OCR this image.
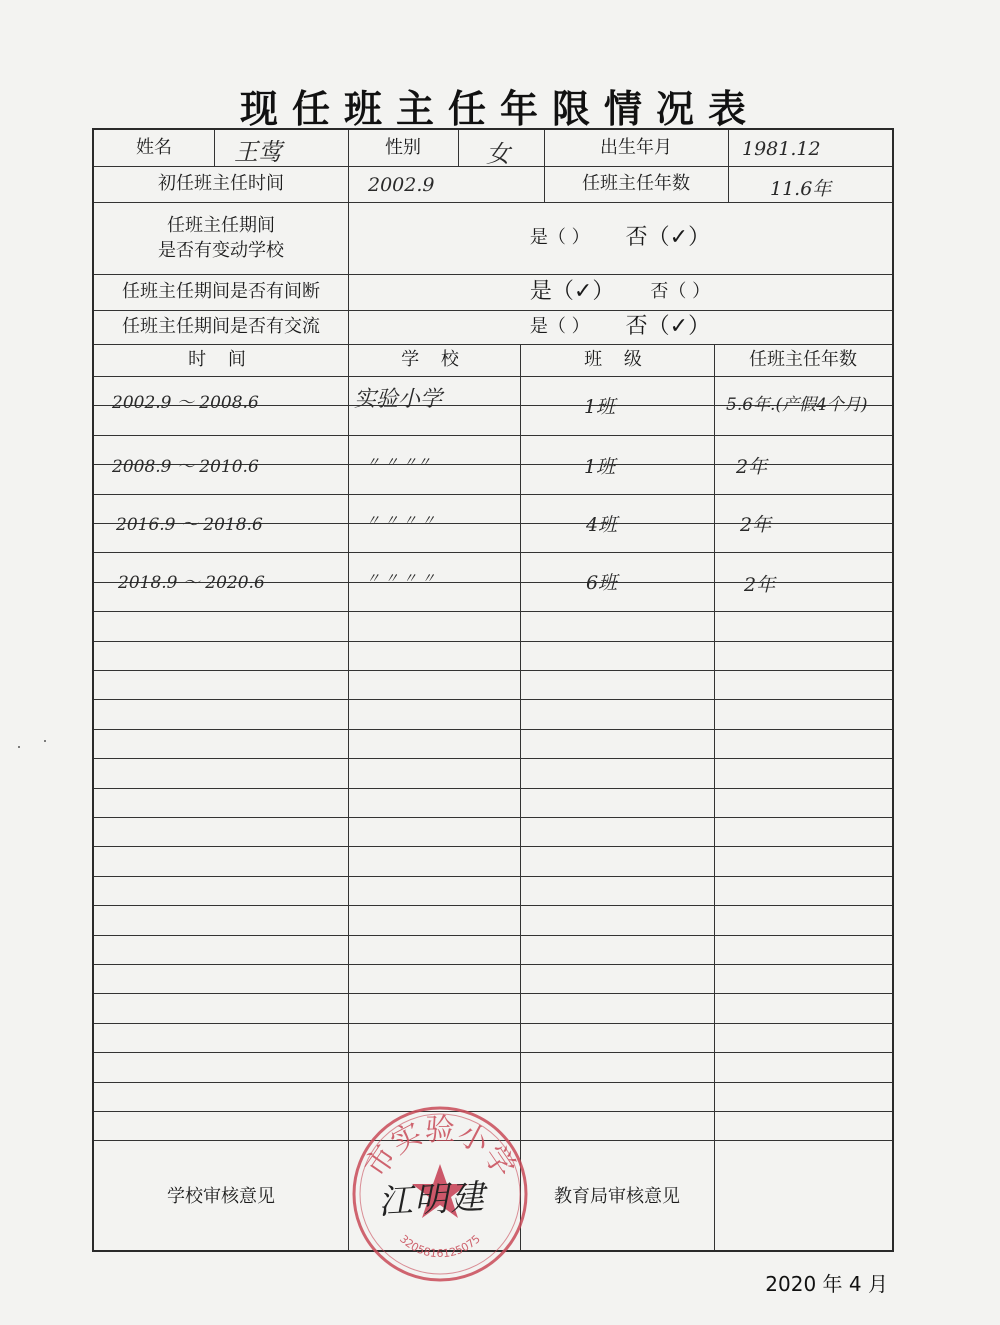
现任班主任年限情况表
姓名	王莺	性别	女	出生年月	1981.12
初任班主任时间	2002.9	任班主任年数	11.6年
任班主任期间
是否有变动学校
是（ ） 否（✓）
任班主任期间是否有间断	是（✓） 否（ ）
任班主任期间是否有交流	是（ ） 否（✓）
时 间	学 校	班 级	任班主任年数
2002.9 ～ 2008.6	实验小学	1班	5.6年.(产假4个月)
2008.9 ～ 2010.6	〃 〃 〃〃	1班	2年
2016.9 ～ 2018.6	〃 〃 〃 〃	4班	2年
2018.9 ～ 2020.6	〃 〃 〃 〃	6班	2年
学校审核意见	教育局审核意见
市实验小学
3205816125075
江明建
2020 年 4 月
